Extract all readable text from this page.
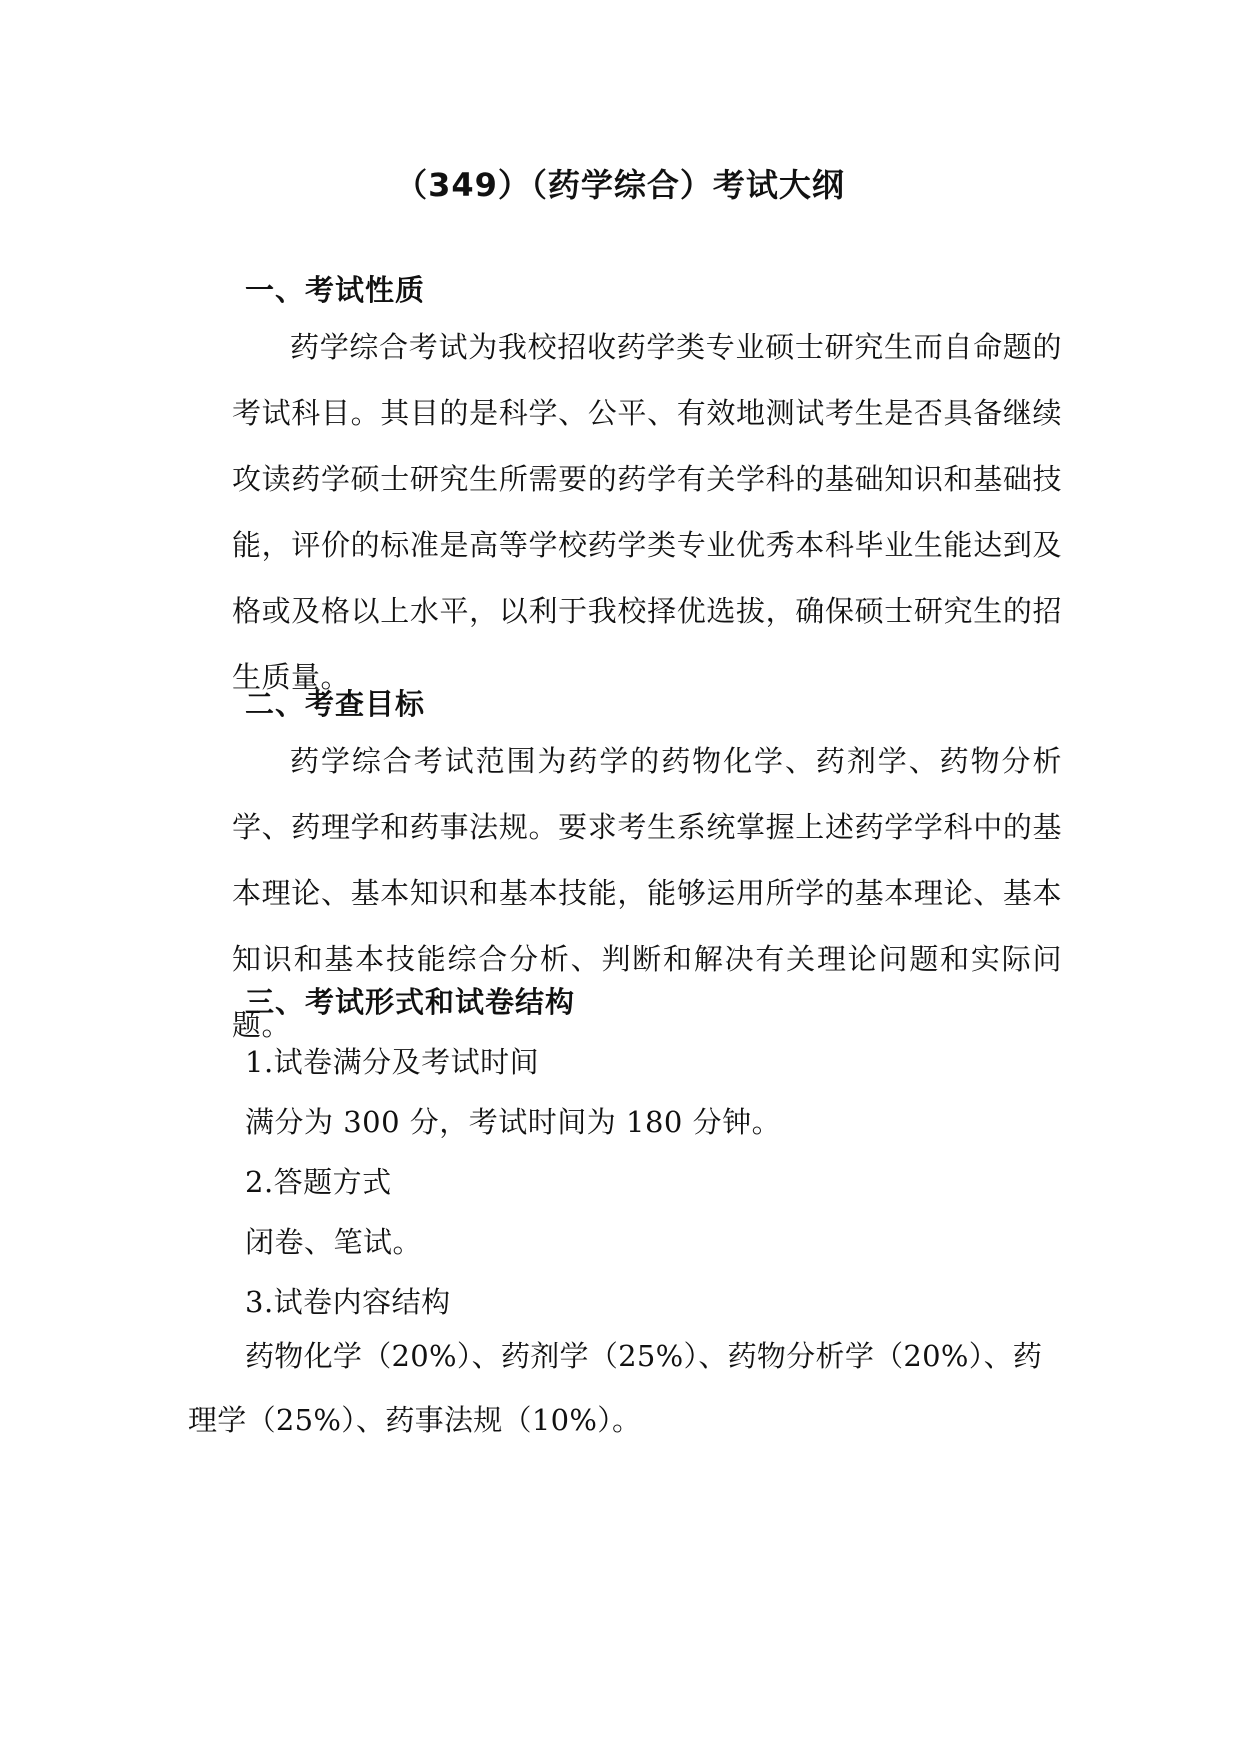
（349）（药学综合）考试大纲
一、考试性质
药学综合考试为我校招收药学类专业硕士研究生而自命题的考试科目。其目的是科学、公平、有效地测试考生是否具备继续攻读药学硕士研究生所需要的药学有关学科的基础知识和基础技能，评价的标准是高等学校药学类专业优秀本科毕业生能达到及格或及格以上水平，以利于我校择优选拔，确保硕士研究生的招生质量。
二、考查目标
药学综合考试范围为药学的药物化学、药剂学、药物分析学、药理学和药事法规。要求考生系统掌握上述药学学科中的基本理论、基本知识和基本技能，能够运用所学的基本理论、基本知识和基本技能综合分析、判断和解决有关理论问题和实际问题。
三、考试形式和试卷结构
1.试卷满分及考试时间
满分为 300 分，考试时间为 180 分钟。
2.答题方式
闭卷、笔试。
3.试卷内容结构
药物化学（20%）、药剂学（25%）、药物分析学（20%）、药理学（25%）、药事法规（10%）。
